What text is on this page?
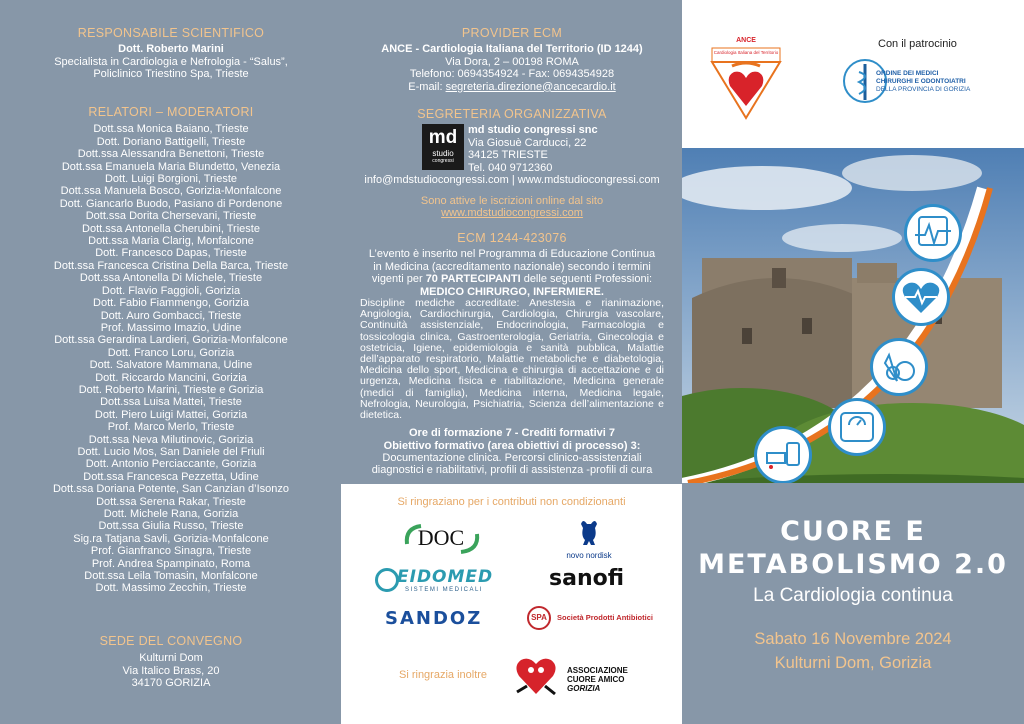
RESPONSABILE SCIENTIFICO
Dott. Roberto Marini
Specialista in Cardiologia e Nefrologia - “Salus”,
Policlinico Triestino Spa, Trieste
RELATORI – MODERATORI
Dott.ssa Monica Baiano, Trieste
Dott. Doriano Battigelli, Trieste
Dott.ssa Alessandra Benettoni, Trieste
Dott.ssa Emanuela Maria Blundetto, Venezia
Dott. Luigi Borgioni, Trieste
Dott.ssa Manuela Bosco, Gorizia-Monfalcone
Dott. Giancarlo Buodo, Pasiano di Pordenone
Dott.ssa Dorita Chersevani, Trieste
Dott.ssa Antonella Cherubini, Trieste
Dott.ssa Maria Clarig, Monfalcone
Dott. Francesco Dapas, Trieste
Dott.ssa Francesca Cristina Della Barca, Trieste
Dott.ssa Antonella Di Michele, Trieste
Dott. Flavio Faggioli, Gorizia
Dott. Fabio Fiammengo, Gorizia
Dott. Auro Gombacci, Trieste
Prof. Massimo Imazio, Udine
Dott.ssa Gerardina Lardieri, Gorizia-Monfalcone
Dott. Franco Loru, Gorizia
Dott. Salvatore Mammana, Udine
Dott. Riccardo Mancini, Gorizia
Dott. Roberto Marini, Trieste e Gorizia
Dott.ssa Luisa Mattei, Trieste
Dott. Piero Luigi Mattei, Gorizia
Prof. Marco Merlo, Trieste
Dott.ssa Neva Milutinovic, Gorizia
Dott. Lucio Mos, San Daniele del Friuli
Dott. Antonio Perciaccante, Gorizia
Dott.ssa Francesca Pezzetta, Udine
Dott.ssa Doriana Potente, San Canzian d’Isonzo
Dott.ssa Serena Rakar, Trieste
Dott. Michele Rana, Gorizia
Dott.ssa Giulia Russo, Trieste
Sig.ra Tatjana Savli, Gorizia-Monfalcone
Prof. Gianfranco Sinagra, Trieste
Prof. Andrea Spampinato, Roma
Dott.ssa Leila Tomasin, Monfalcone
Dott. Massimo Zecchin, Trieste
SEDE DEL CONVEGNO
Kulturni Dom
Via Italico Brass, 20
34170 GORIZIA
PROVIDER ECM
ANCE - Cardiologia Italiana del Territorio (ID 1244)
Via Dora, 2 – 00198 ROMA
Telefono: 0694354924 - Fax: 0694354928
E-mail: segreteria.direzione@ancecardio.it
SEGRETERIA ORGANIZZATIVA
md
studio
congressi
md studio congressi snc
Via Giosuè Carducci, 22
34125 TRIESTE
Tel. 040 9712360
info@mdstudiocongressi.com | www.mdstudiocongressi.com
Sono attive le iscrizioni online dal sito
www.mdstudiocongressi.com
ECM 1244-423076
L’evento è inserito nel Programma di Educazione Continua
in Medicina (accreditamento nazionale) secondo i termini
vigenti per 70 PARTECIPANTI delle seguenti Professioni:
MEDICO CHIRURGO, INFERMIERE.
Discipline mediche accreditate: Anestesia e rianimazione, Angiologia, Cardiochirurgia, Cardiologia, Chirurgia vascolare, Continuità assistenziale, Endocrinologia, Farmacologia e tossicologia clinica, Gastroenterologia, Geriatria, Ginecologia e ostetricia, Igiene, epidemiologia e sanità pubblica, Malattie dell’apparato respiratorio, Malattie metaboliche e diabetologia, Medicina dello sport, Medicina e chirurgia di accettazione e di urgenza, Medicina fisica e riabilitazione, Medicina generale (medici di famiglia), Medicina interna, Medicina legale, Nefrologia, Neurologia, Psichiatria, Scienza dell’alimentazione e dietetica.
Ore di formazione 7 - Crediti formativi 7
Obiettivo formativo (area obiettivi di processo) 3:
Documentazione clinica. Percorsi clinico-assistenziali
diagnostici e riabilitativi, profili di assistenza -profili di cura
Si ringraziano per i contributi non condizionanti
DOC
novo nordisk
EIDOMED
SISTEMI MEDICALI	sanofi
SANDOZ	SPA	Società Prodotti Antibiotici
Si ringrazia inoltre	ASSOCIAZIONE
CUORE AMICO
GORIZIA
ANCE
Cardiologia Italiana del Territorio
Con il patrocinio
ORDINE DEI MEDICI
CHIRURGHI E ODONTOIATRI
DELLA PROVINCIA DI GORIZIA
CUORE E
METABOLISMO 2.0
La Cardiologia continua
Sabato 16 Novembre 2024
Kulturni Dom, Gorizia
